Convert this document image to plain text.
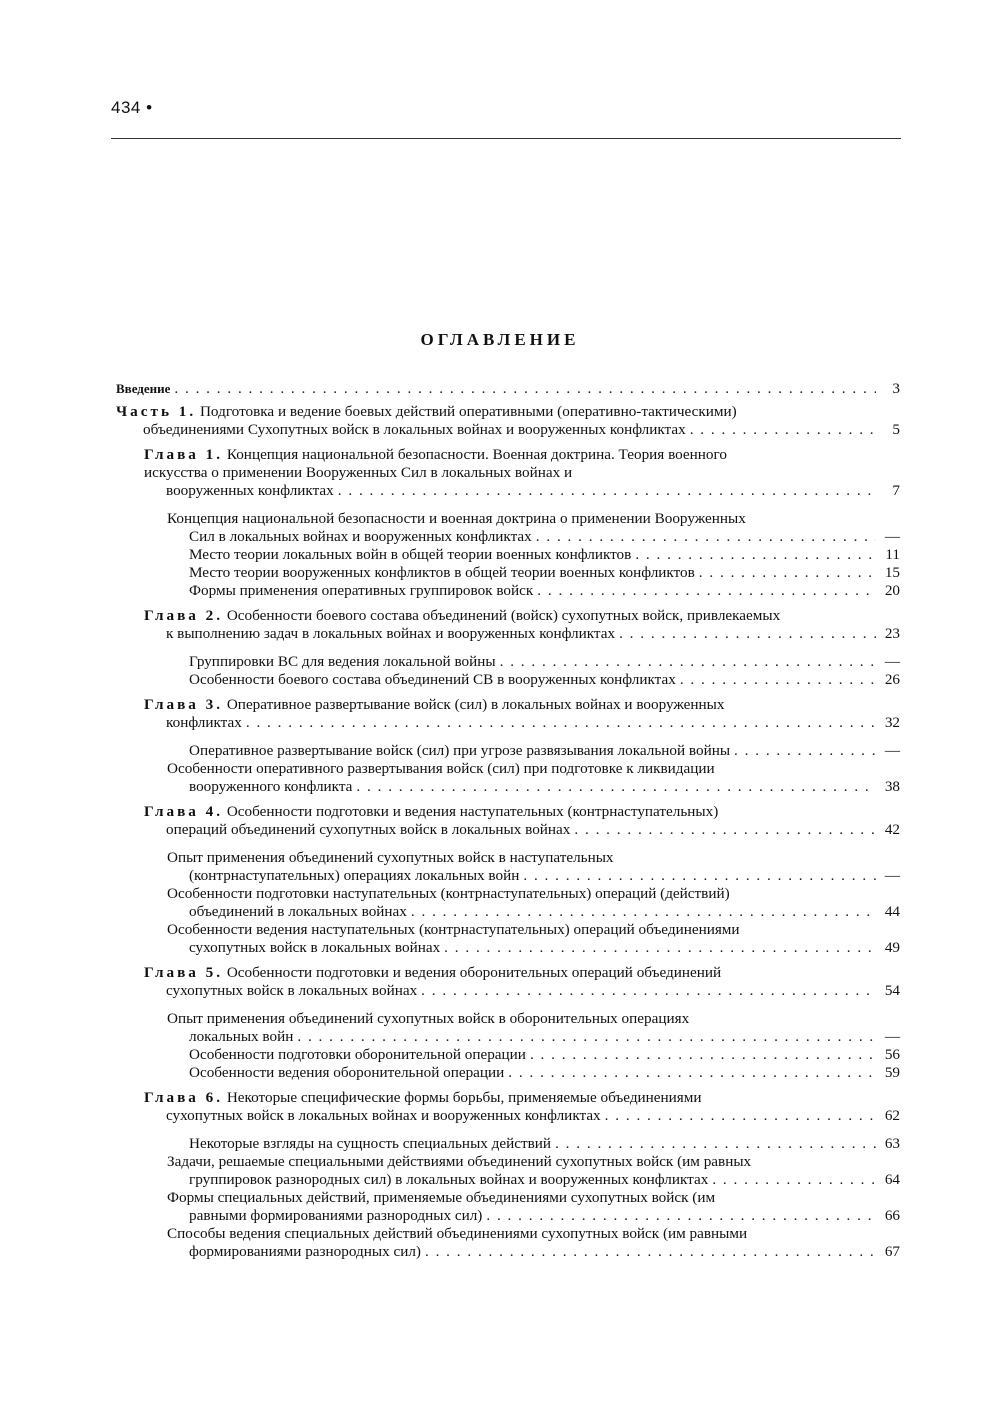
434 •
ОГЛАВЛЕНИЕ
Введение . . .	3
Часть 1. Подготовка и ведение боевых действий оперативными (оперативно-тактическими)
объединениями Сухопутных войск в локальных войнах и вооруженных конфликтах . . .	5
Глава 1. Концепция национальной безопасности. Военная доктрина. Теория военного
искусства о применении Вооруженных Сил в локальных войнах и
вооруженных конфликтах . . .	7
Концепция национальной безопасности и военная доктрина о применении Вооруженных
Сил в локальных войнах и вооруженных конфликтах . . .	—
Место теории локальных войн в общей теории военных конфликтов . . .	11
Место теории вооруженных конфликтов в общей теории военных конфликтов . . .	15
Формы применения оперативных группировок войск . . .	20
Глава 2. Особенности боевого состава объединений (войск) сухопутных войск, привлекаемых
к выполнению задач в локальных войнах и вооруженных конфликтах . . .	23
Группировки ВС для ведения локальной войны . . .	—
Особенности боевого состава объединений СВ в вооруженных конфликтах . . .	26
Глава 3. Оперативное развертывание войск (сил) в локальных войнах и вооруженных
конфликтах . . .	32
Оперативное развертывание войск (сил) при угрозе развязывания локальной войны . . .	—
Особенности оперативного развертывания войск (сил) при подготовке к ликвидации
вооруженного конфликта . . .	38
Глава 4. Особенности подготовки и ведения наступательных (контрнаступательных)
операций объединений сухопутных войск в локальных войнах . . .	42
Опыт применения объединений сухопутных войск в наступательных
(контрнаступательных) операциях локальных войн . . .	—
Особенности подготовки наступательных (контрнаступательных) операций (действий)
объединений в локальных войнах . . .	44
Особенности ведения наступательных (контрнаступательных) операций объединениями
сухопутных войск в локальных войнах . . .	49
Глава 5. Особенности подготовки и ведения оборонительных операций объединений
сухопутных войск в локальных войнах . . .	54
Опыт применения объединений сухопутных войск в оборонительных операциях
локальных войн . . .	—
Особенности подготовки оборонительной операции . . .	56
Особенности ведения оборонительной операции . . .	59
Глава 6. Некоторые специфические формы борьбы, применяемые объединениями
сухопутных войск в локальных войнах и вооруженных конфликтах . . .	62
Некоторые взгляды на сущность специальных действий . . .	63
Задачи, решаемые специальными действиями объединений сухопутных войск (им равных
группировок разнородных сил) в локальных войнах и вооруженных конфликтах . . .	64
Формы специальных действий, применяемые объединениями сухопутных войск (им
равными формированиями разнородных сил) . . .	66
Способы ведения специальных действий объединениями сухопутных войск (им равными
формированиями разнородных сил) . . .	67
